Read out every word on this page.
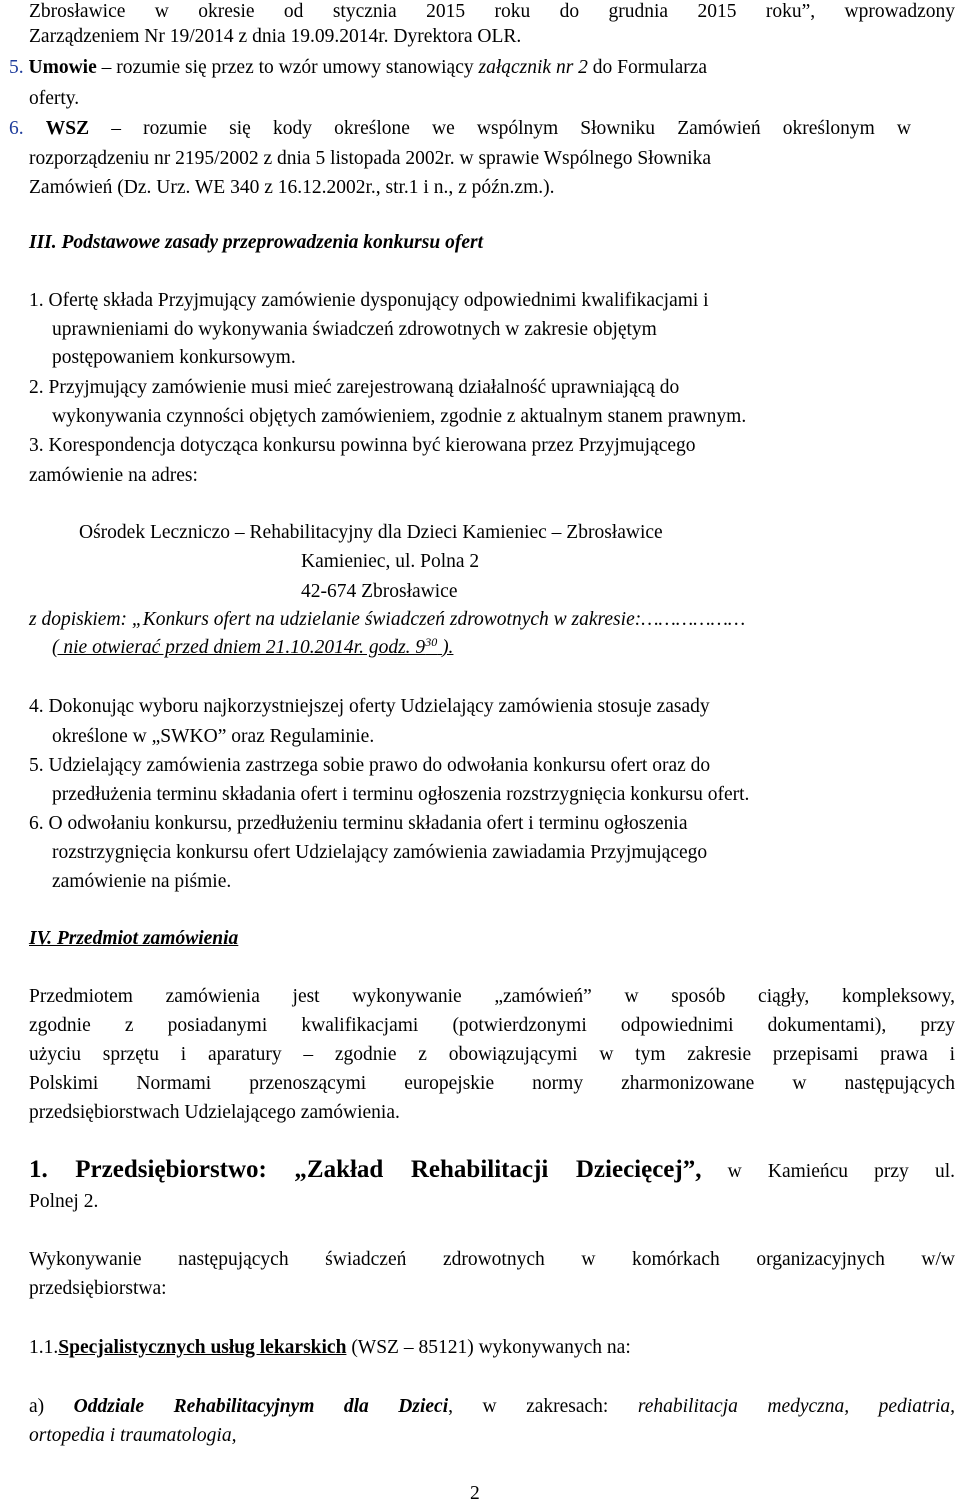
Zbrosławice w okresie od stycznia 2015 roku do grudnia 2015 roku”, wprowadzony
Zarządzeniem Nr 19/2014 z dnia 19.09.2014r. Dyrektora OLR.
5. Umowie – rozumie się przez to wzór umowy stanowiący załącznik nr 2 do Formularza
oferty.
6. WSZ – rozumie się kody określone we wspólnym Słowniku Zamówień określonym w
rozporządzeniu nr 2195/2002 z dnia 5 listopada 2002r. w sprawie Wspólnego Słownika
Zamówień (Dz. Urz. WE 340 z 16.12.2002r., str.1 i n., z późn.zm.).
III. Podstawowe zasady przeprowadzenia konkursu ofert
1. Ofertę składa Przyjmujący zamówienie dysponujący odpowiednimi kwalifikacjami i
uprawnieniami do wykonywania świadczeń zdrowotnych w zakresie objętym
postępowaniem konkursowym.
2. Przyjmujący zamówienie musi mieć zarejestrowaną działalność uprawniającą do
wykonywania czynności objętych zamówieniem, zgodnie z aktualnym stanem prawnym.
3. Korespondencja dotycząca konkursu powinna być kierowana przez Przyjmującego
zamówienie na adres:
Ośrodek Leczniczo – Rehabilitacyjny dla Dzieci Kamieniec – Zbrosławice
Kamieniec, ul. Polna 2
42-674 Zbrosławice
z dopiskiem: „Konkurs ofert na udzielanie świadczeń zdrowotnych w zakresie:………………
( nie otwierać przed dniem 21.10.2014r. godz. $9^{30}$ ).
4. Dokonując wyboru najkorzystniejszej oferty Udzielający zamówienia stosuje zasady
określone w „SWKO” oraz Regulaminie.
5. Udzielający zamówienia zastrzega sobie prawo do odwołania konkursu ofert oraz do
przedłużenia terminu składania ofert i terminu ogłoszenia rozstrzygnięcia konkursu ofert.
6. O odwołaniu konkursu, przedłużeniu terminu składania ofert i terminu ogłoszenia
rozstrzygnięcia konkursu ofert Udzielający zamówienia zawiadamia Przyjmującego
zamówienie na piśmie.
IV. Przedmiot zamówienia
Przedmiotem zamówienia jest wykonywanie „zamówień” w sposób ciągły, kompleksowy,
zgodnie z posiadanymi kwalifikacjami (potwierdzonymi odpowiednimi dokumentami), przy
użyciu sprzętu i aparatury – zgodnie z obowiązującymi w tym zakresie przepisami prawa i
Polskimi Normami przenoszącymi europejskie normy zharmonizowane w następujących
przedsiębiorstwach Udzielającego zamówienia.
1. Przedsiębiorstwo: „Zakład Rehabilitacji Dziecięcej”, w Kamieńcu przy ul.
Polnej 2.
Wykonywanie następujących świadczeń zdrowotnych w komórkach organizacyjnych w/w
przedsiębiorstwa:
1.1.Specjalistycznych usług lekarskich (WSZ – 85121) wykonywanych na:
a) Oddziale Rehabilitacyjnym dla Dzieci, w zakresach: rehabilitacja medyczna, pediatria,
ortopedia i traumatologia,
2
